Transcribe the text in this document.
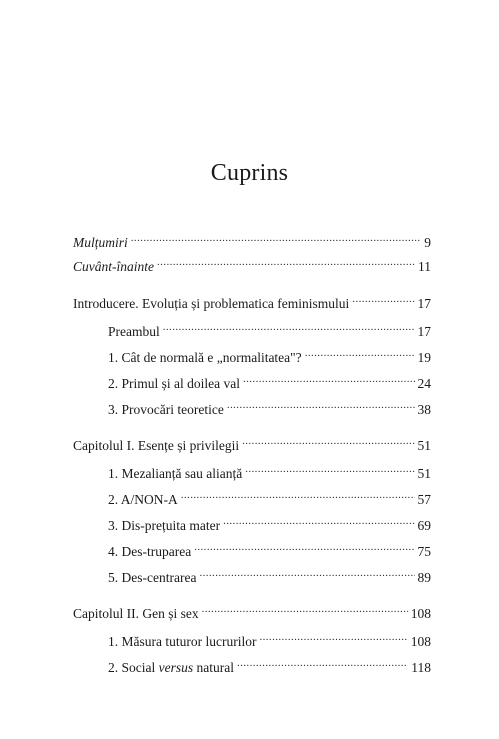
Cuprins
Mulțumiri .....	9
Cuvânt-înainte .....	11
Introducere. Evoluția și problematica feminismului .....	17
Preambul .....	17
1. Cât de normală e „normalitatea"? .....	19
2. Primul și al doilea val .....	24
3. Provocări teoretice .....	38
Capitolul I. Esențe și privilegii .....	51
1. Mezalianță sau alianță .....	51
2. A/NON-A .....	57
3. Dis-prețuita mater .....	69
4. Des-truparea .....	75
5. Des-centrarea .....	89
Capitolul II. Gen și sex .....	108
1. Măsura tuturor lucrurilor .....	108
2. Social versus natural .....	118
